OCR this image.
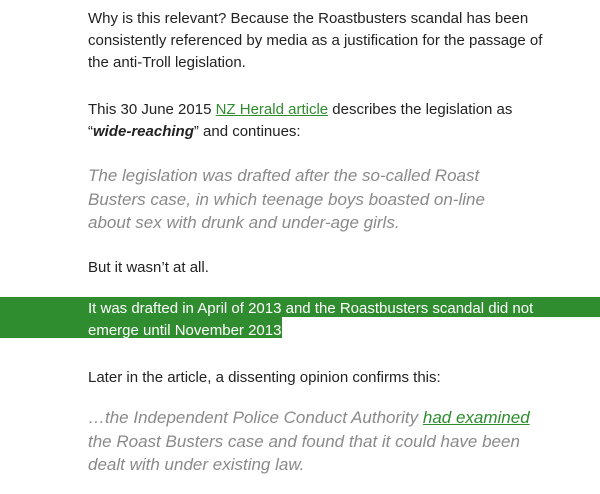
Why is this relevant? Because the Roastbusters scandal has been consistently referenced by media as a justification for the passage of the anti-Troll legislation.

This 30 June 2015 NZ Herald article describes the legislation as “wide-reaching” and continues:

The legislation was drafted after the so-called Roast Busters case, in which teenage boys boasted on-line about sex with drunk and under-age girls.

But it wasn’t at all.

It was drafted in April of 2013 and the Roastbusters scandal did not emerge until November 2013.

Later in the article, a dissenting opinion confirms this:

…the Independent Police Conduct Authority had examined the Roast Busters case and found that it could have been dealt with under existing law.
